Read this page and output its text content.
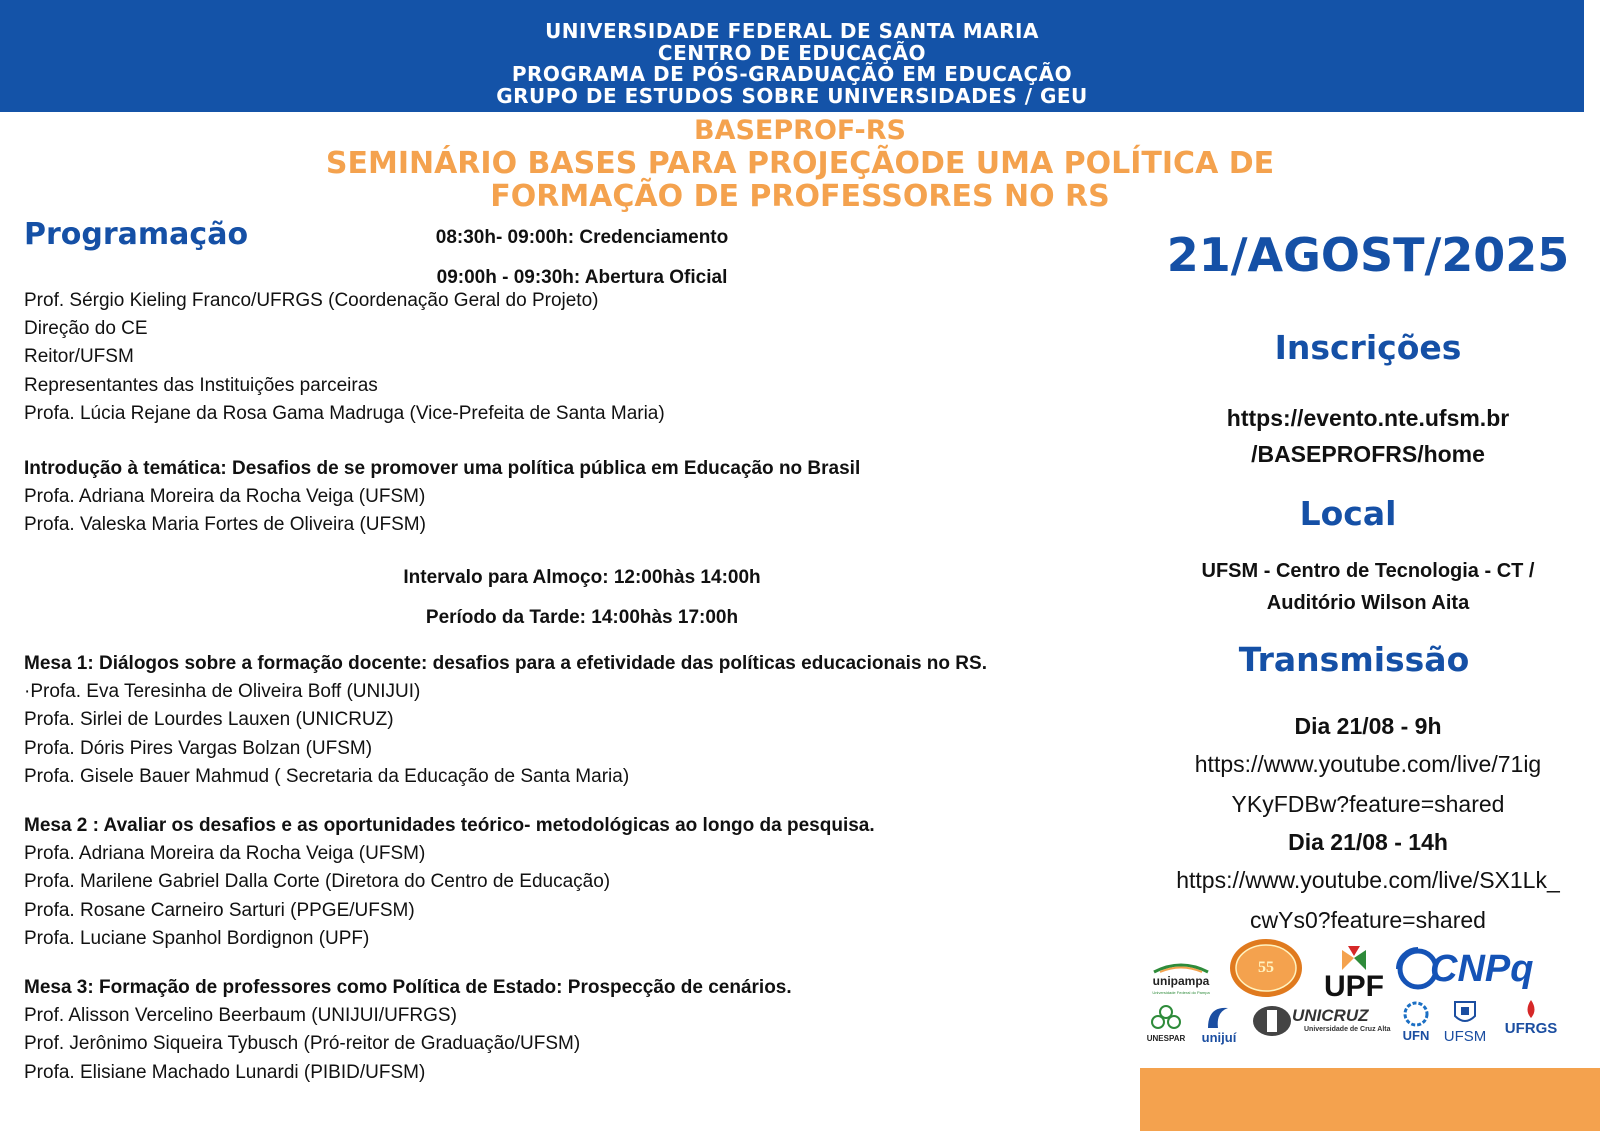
UNIVERSIDADE FEDERAL DE SANTA MARIA
CENTRO DE EDUCAÇÃO
PROGRAMA DE PÓS-GRADUAÇÃO EM EDUCAÇÃO
GRUPO DE ESTUDOS SOBRE UNIVERSIDADES / GEU
BASEPROF-RS
SEMINÁRIO BASES PARA PROJEÇÃODE UMA POLÍTICA DE
FORMAÇÃO DE PROFESSORES NO RS
Programação	08:30h- 09:00h: Credenciamento
09:00h - 09:30h: Abertura Oficial
Prof. Sérgio Kieling Franco/UFRGS (Coordenação Geral do Projeto)
Direção do CE
Reitor/UFSM
Representantes das Instituições parceiras
Profa. Lúcia Rejane da Rosa Gama Madruga (Vice-Prefeita de Santa Maria)
Introdução à temática: Desafios de se promover uma política pública em Educação no Brasil
Profa. Adriana Moreira da Rocha Veiga (UFSM)
Profa. Valeska Maria Fortes de Oliveira (UFSM)
Intervalo para Almoço: 12:00hàs 14:00h
Período da Tarde: 14:00hàs 17:00h
Mesa 1: Diálogos sobre a formação docente: desafios para a efetividade das políticas educacionais no RS.
·Profa. Eva Teresinha de Oliveira Boff (UNIJUI)
Profa. Sirlei de Lourdes Lauxen (UNICRUZ)
Profa. Dóris Pires Vargas Bolzan (UFSM)
Profa. Gisele Bauer Mahmud ( Secretaria da Educação de Santa Maria)
Mesa 2 : Avaliar os desafios e as oportunidades teórico- metodológicas ao longo da pesquisa.
Profa. Adriana Moreira da Rocha Veiga (UFSM)
Profa. Marilene Gabriel Dalla Corte (Diretora do Centro de Educação)
Profa. Rosane Carneiro Sarturi (PPGE/UFSM)
Profa. Luciane Spanhol Bordignon (UPF)
Mesa 3: Formação de professores como Política de Estado: Prospecção de cenários.
Prof. Alisson Vercelino Beerbaum (UNIJUI/UFRGS)
Prof. Jerônimo Siqueira Tybusch (Pró-reitor de Graduação/UFSM)
Profa. Elisiane Machado Lunardi (PIBID/UFSM)
21/AGOST/2025
Inscrições
https://evento.nte.ufsm.br
/BASEPROFRS/home
Local
UFSM - Centro de Tecnologia - CT /
Auditório Wilson Aita
Transmissão
Dia 21/08 - 9h
https://www.youtube.com/live/71ig
YKyFDBw?feature=shared
Dia 21/08 - 14h
https://www.youtube.com/live/SX1Lk_
cwYs0?feature=shared
unipampa
Universidade Federal do Pampa
55
UPF CNPq
UNESPAR	unijuí
UNICRUZ
Universidade de Cruz Alta UFN UFSM	UFRGS
